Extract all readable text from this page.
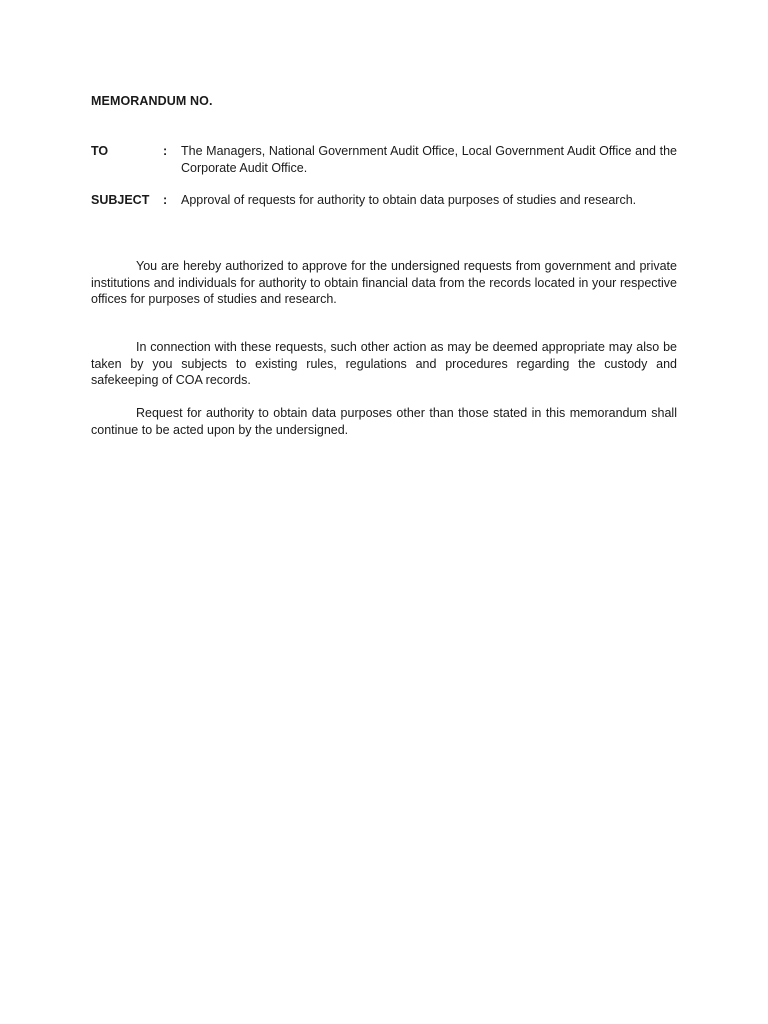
MEMORANDUM NO.
TO	: The Managers, National Government Audit Office, Local Government Audit Office and the Corporate Audit Office.
SUBJECT : Approval of requests for authority to obtain data purposes of studies and research.

You are hereby authorized to approve for the undersigned requests from government and private institutions and individuals for authority to obtain financial data from the records located in your respective offices for purposes of studies and research.

In connection with these requests, such other action as may be deemed appropriate may also be taken by you subjects to existing rules, regulations and procedures regarding the custody and safekeeping of COA records.

Request for authority to obtain data purposes other than those stated in this memorandum shall continue to be acted upon by the undersigned.
